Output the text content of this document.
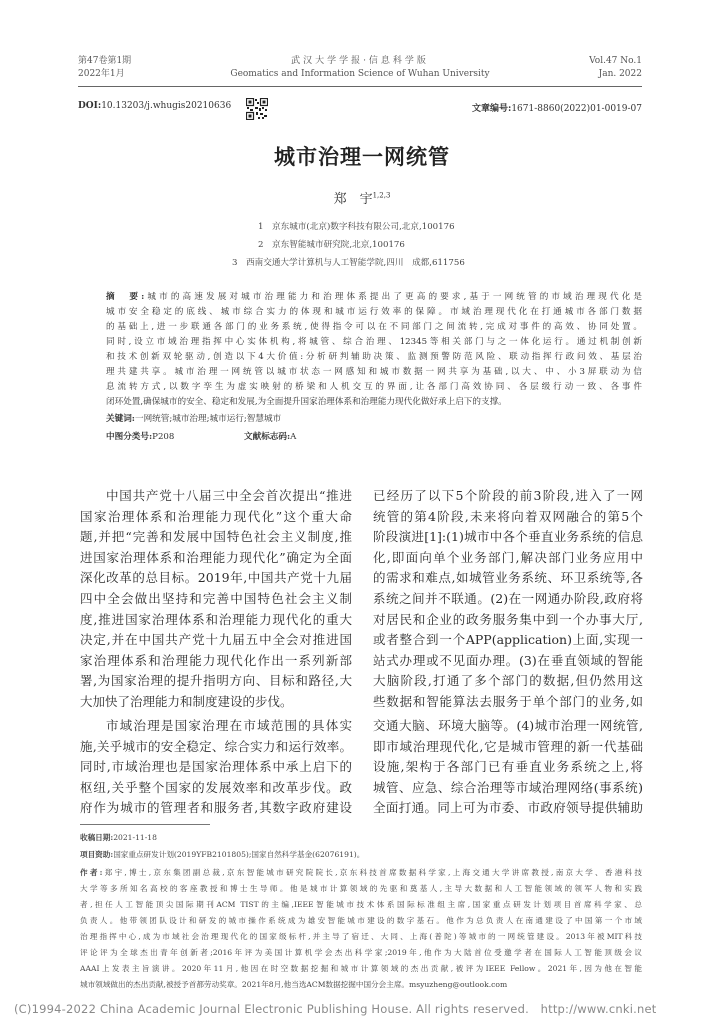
第47卷第1期
2022年1月
武汉大学学报·信息科学版
Geomatics and Information Science of Wuhan University
Vol.47 No.1
Jan. 2022
DOI:10.13203/j.whugis20210636	文章编号:1671-8860(2022)01-0019-07
城市治理一网统管
郑　宇$^{1,2,3}$
1　京东城市(北京)数字科技有限公司,北京,100176
2　京东智能城市研究院,北京,100176
3　西南交通大学计算机与人工智能学院,四川　成都,611756
摘　要:城市的高速发展对城市治理能力和治理体系提出了更高的要求,基于一网统管的市域治理现代化是
城市安全稳定的底线、城市综合实力的体现和城市运行效率的保障。市域治理现代化在打通城市各部门数据
的基础上,进一步联通各部门的业务系统,使得指令可以在不同部门之间流转,完成对事件的高效、协同处置。
同时,设立市域治理指挥中心实体机构,将城管、综合治理、12345等相关部门与之一体化运行。通过机制创新
和技术创新双轮驱动,创造以下4大价值:分析研判辅助决策、监测预警防范风险、联动指挥行政问效、基层治
理共建共享。城市治理一网统管以城市状态一网感知和城市数据一网共享为基础,以大、中、小3屏联动为信
息流转方式,以数字孪生为虚实映射的桥梁和人机交互的界面,让各部门高效协同、各层级行动一致、各事件
闭环处置,确保城市的安全、稳定和发展,为全面提升国家治理体系和治理能力现代化做好承上启下的支撑。
关键词:一网统管;城市治理;城市运行;智慧城市
中图分类号:P208	文献标志码:A
中国共产党十八届三中全会首次提出“推进
国家治理体系和治理能力现代化”这个重大命
题,并把“完善和发展中国特色社会主义制度,推
进国家治理体系和治理能力现代化”确定为全面
深化改革的总目标。2019年,中国共产党十九届
四中全会做出坚持和完善中国特色社会主义制
度,推进国家治理体系和治理能力现代化的重大
决定,并在中国共产党十九届五中全会对推进国
家治理体系和治理能力现代化作出一系列新部
署,为国家治理的提升指明方向、目标和路径,大
大加快了治理能力和制度建设的步伐。
市域治理是国家治理在市域范围的具体实
施,关乎城市的安全稳定、综合实力和运行效率。
同时,市域治理也是国家治理体系中承上启下的
枢纽,关乎整个国家的发展效率和改革步伐。政
府作为城市的管理者和服务者,其数字政府建设
已经历了以下5个阶段的前3阶段,进入了一网
统管的第4阶段,未来将向着双网融合的第5个
阶段演进[1]:(1)城市中各个垂直业务系统的信息
化,即面向单个业务部门,解决部门业务应用中
的需求和难点,如城管业务系统、环卫系统等,各
系统之间并不联通。(2)在一网通办阶段,政府将
对居民和企业的政务服务集中到一个办事大厅,
或者整合到一个APP(application)上面,实现一
站式办理或不见面办理。(3)在垂直领域的智能
大脑阶段,打通了多个部门的数据,但仍然用这
些数据和智能算法去服务于单个部门的业务,如
交通大脑、环境大脑等。(4)城市治理一网统管,
即市域治理现代化,它是城市管理的新一代基础
设施,架构于各部门已有垂直业务系统之上,将
城管、应急、综合治理等市域治理网络(事系统)
全面打通。同上可为市委、市政府领导提供辅助
收稿日期:2021-11-18
项目资助:国家重点研发计划(2019YFB2101805);国家自然科学基金(62076191)。
作者:郑宇,博士,京东集团副总裁,京东智能城市研究院院长,京东科技首席数据科学家,上海交通大学讲席教授,南京大学、香港科技
大学等多所知名高校的客座教授和博士生导师。他是城市计算领域的先驱和奠基人,主导大数据和人工智能领域的领军人物和实践
者,担任人工智能顶尖国际期刊ACM TIST的主编,IEEE智能城市技术体系国际标准组主席,国家重点研发计划项目首席科学家、总
负责人。他带领团队设计和研发的城市操作系统成为雄安智能城市建设的数字基石。他作为总负责人在南通建设了中国第一个市域
治理指挥中心,成为市域社会治理现代化的国家级标杆,并主导了宿迁、大同、上海(普陀)等城市的一网统管建设。2013年被MIT科技
评论评为全球杰出青年创新者;2016年评为美国计算机学会杰出科学家;2019年,他作为大陆首位受邀学者在国际人工智能顶级会议
AAAI上发表主旨演讲。2020年11月,他因在时空数据挖掘和城市计算领域的杰出贡献,被评为IEEE Fellow。2021年,因为他在智能
城市领域做出的杰出贡献,被授予首都劳动奖章。2021年8月,他当选ACM数据挖掘中国分会主席。msyuzheng@outlook.com
(C)1994-2022 China Academic Journal Electronic Publishing House. All rights reserved.　http://www.cnki.net
